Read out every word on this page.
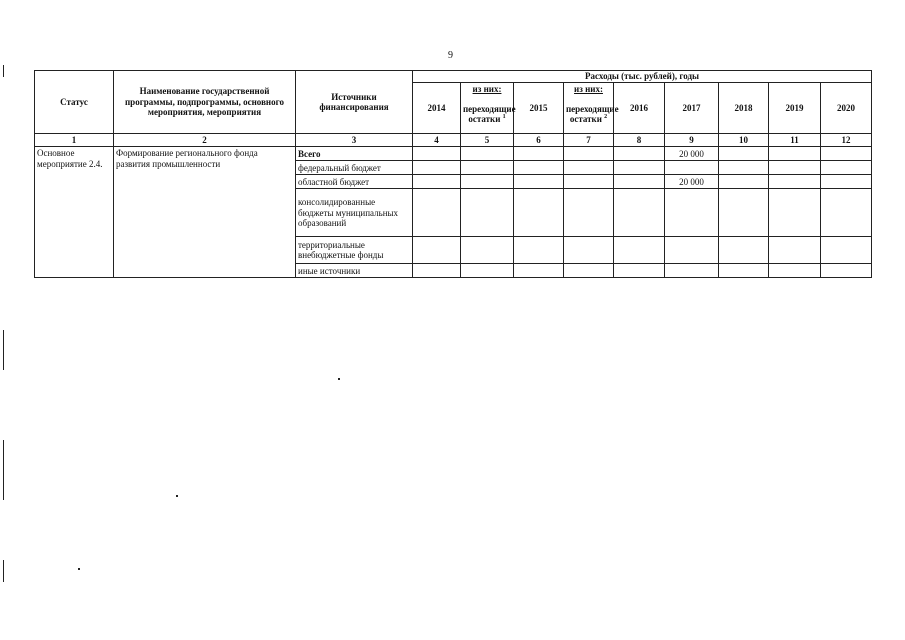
9
Статус	Наименование государственной программы, подпрограммы, основного мероприятия, мероприятия	Источники финансирования	Расходы (тыс. рублей), годы								
			2014	из них:	2015	из них:	2016	2017	2018	2019	2020
				переходящие остатки $^1$		переходящие остатки $^2$
1	2	3	4	5	6	7	8	9	10	11	12
Основное мероприятие 2.4.	Формирование регионального фонда развития промышленности	Всего						20 000			
		федеральный бюджет									
		областной бюджет						20 000			
		консолидированные бюджеты муниципальных образований									
		территориальные внебюджетные фонды									
		иные источники									
